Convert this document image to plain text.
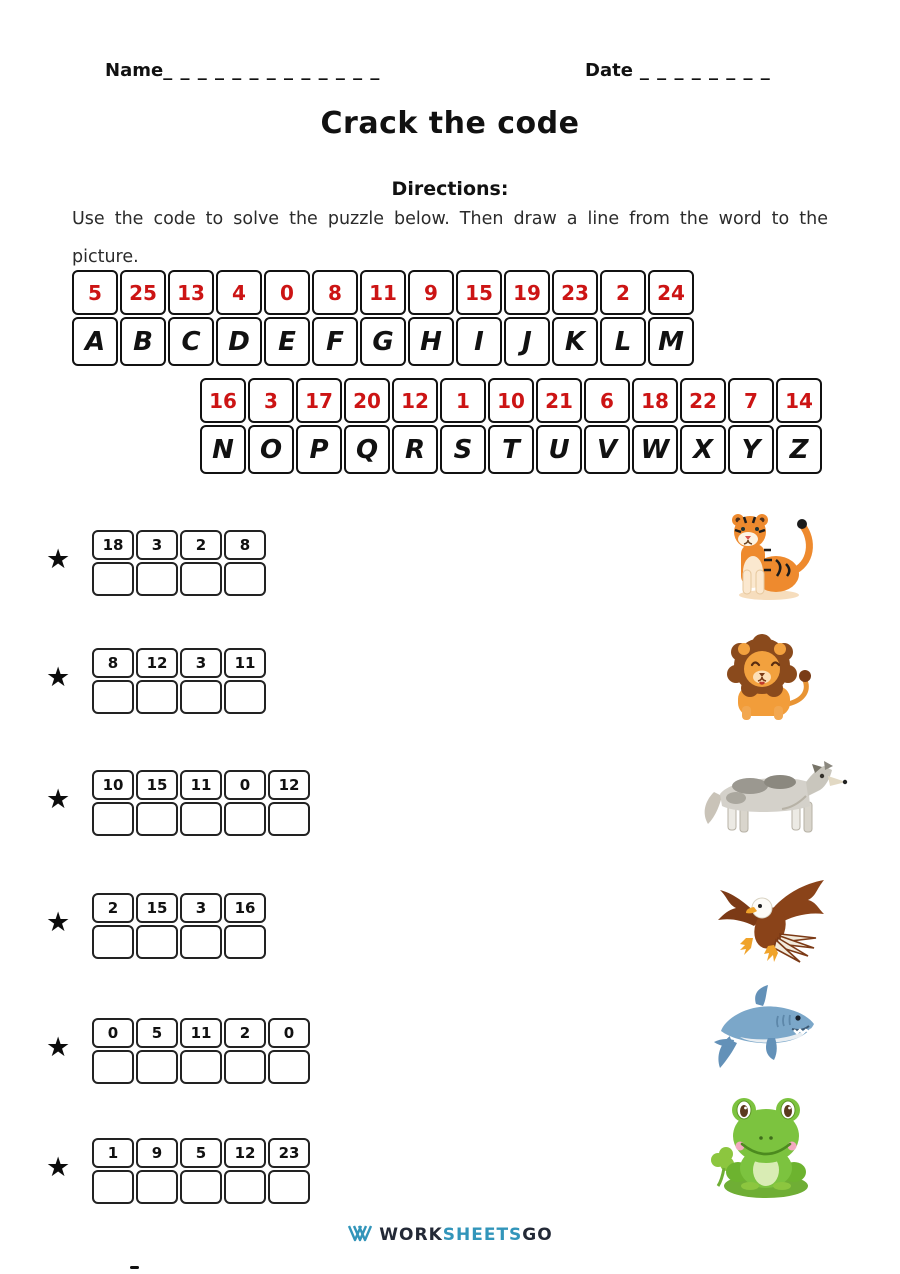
Name_ _ _ _ _ _ _ _ _ _ _ _ _	Date _ _ _ _ _ _ _ _
Crack the code
Directions:
Use the code to solve the puzzle below. Then draw a line from the word to the
picture.
5	25	13	4	0	8	11	9	15	19	23	2	24
A	B	C	D	E	F	G	H	I	J	K	L	M
16	3	17	20	12	1	10	21	6	18	22	7	14
N	O	P	Q	R	S	T	U	V W X	Y	Z
★	18	3	2	8
★	8	12	3	11
★	10	15	11	0	12
★	2	15	3	16
★	0	5	11	2	0
★	1	9	5	12	23
WORKSHEETSGO
